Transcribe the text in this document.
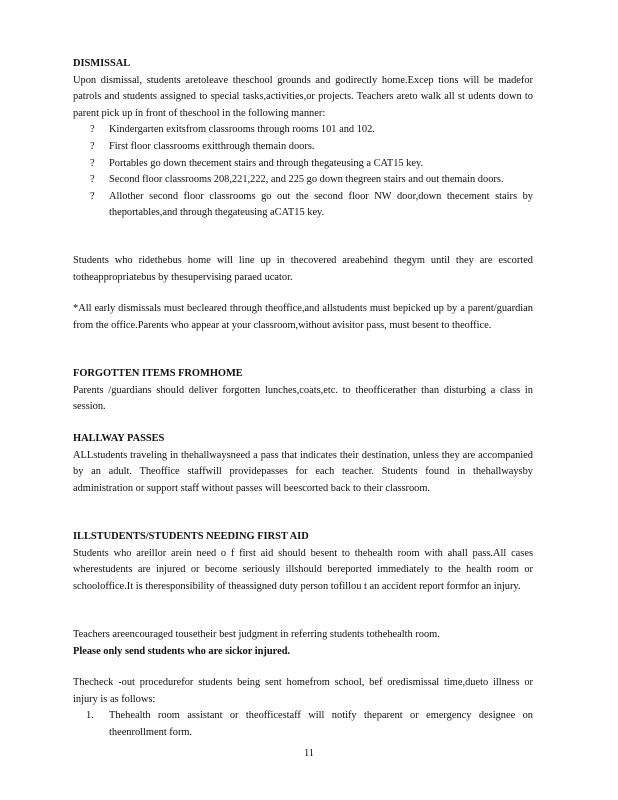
DISMISSAL

Upon dismissal, students aretoleave theschool grounds and godirectly home.Excep tions will be madefor patrols and students assigned to special tasks,activities,or projects. Teachers areto walk all st udents down to parent pick up in front of theschool in the following manner:

? Kindergarten exitsfrom classrooms through rooms 101 and 102.
? First floor classrooms exitthrough themain doors.
? Portables go down thecement stairs and through thegateusing a CAT15 key.
? Second floor classrooms 208,221,222, and 225 go down thegreen stairs and out themain doors.
? Allother second floor classrooms go out the second floor NW door,down thecement stairs by theportables,and through thegateusing aCAT15 key.

Students who ridethebus home will line up in thecovered areabehind thegym until they are escorted totheappropriatebus by thesupervising paraed ucator.

*All early dismissals must becleared through theoffice,and allstudents must bepicked up by a parent/guardian from the office.Parents who appear at your classroom,without avisitor pass, must besent to theoffice.

FORGOTTEN ITEMS FROMHOME

Parents /guardians should deliver forgotten lunches,coats,etc. to theofficerather than disturbing a class in session.

HALLWAY PASSES

ALLstudents traveling in thehallwaysneed a pass that indicates their destination, unless they are accompanied by an adult. Theoffice staffwill providepasses for each teacher. Students found in thehallwaysby administration or support staff without passes will beescorted back to their classroom.

ILLSTUDENTS/STUDENTS NEEDING FIRST AID

Students who areillor arein need o f first aid should besent to thehealth room with ahall pass.All cases wherestudents are injured or become seriously illshould bereported immediately to the health room or schooloffice.It is theresponsibility of theassigned duty person tofillou t an accident report formfor an injury.

Teachers areencouraged tousetheir best judgment in referring students tothehealth room.

Please only send students who are sickor injured.

Thecheck -out procedurefor students being sent homefrom school, bef oredismissal time,dueto illness or injury is as follows:

1. Thehealth room assistant or theofficestaff will notify theparent or emergency designee on theenrollment form.
11
